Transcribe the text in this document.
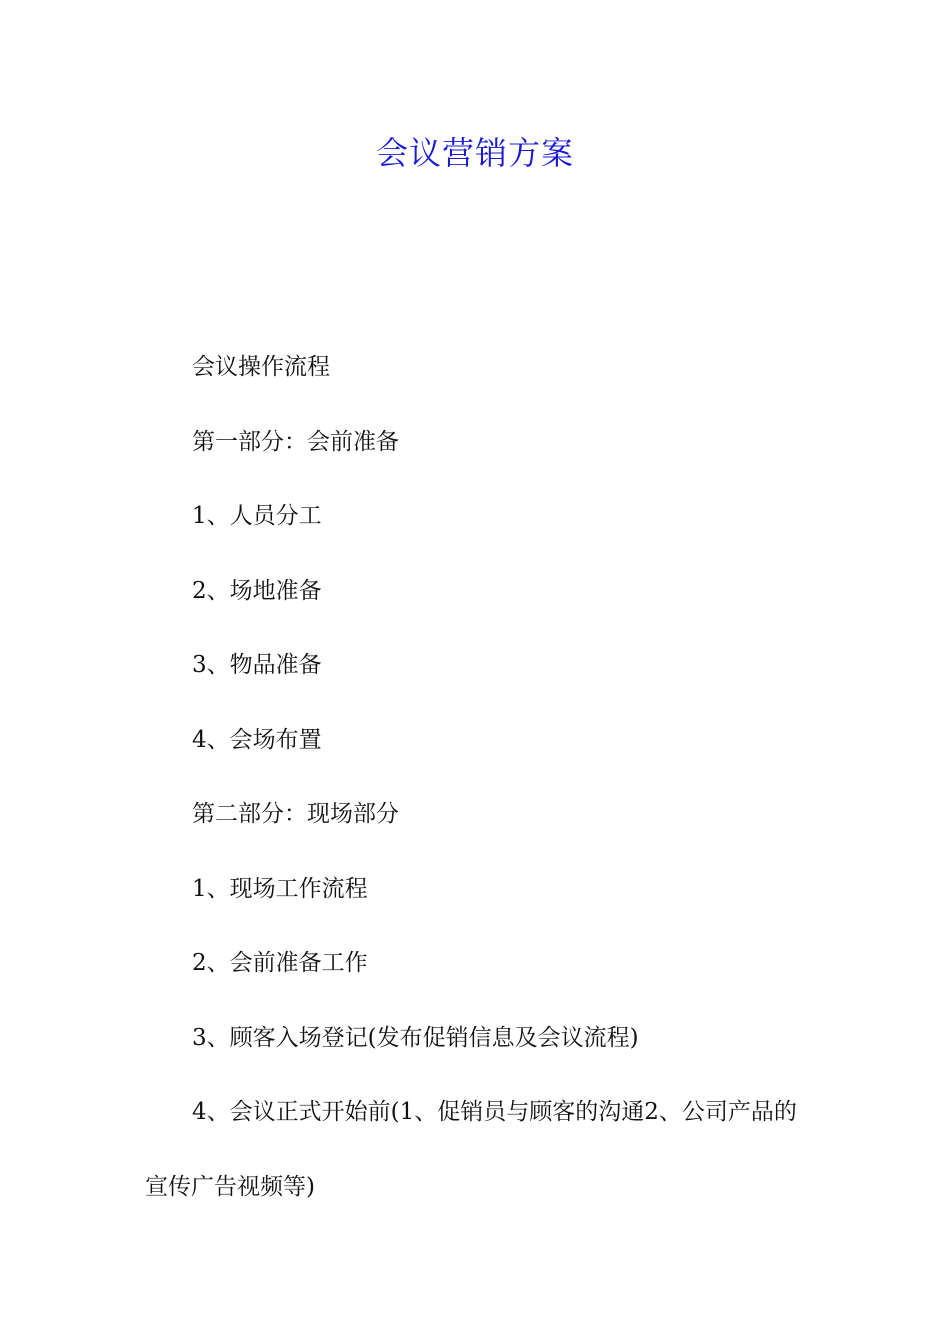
会议营销方案

会议操作流程

第一部分：会前准备

1、人员分工

2、场地准备

3、物品准备

4、会场布置

第二部分：现场部分

1、现场工作流程

2、会前准备工作

3、顾客入场登记(发布促销信息及会议流程)

4、会议正式开始前(1、促销员与顾客的沟通2、公司产品的宣传广告视频等)
